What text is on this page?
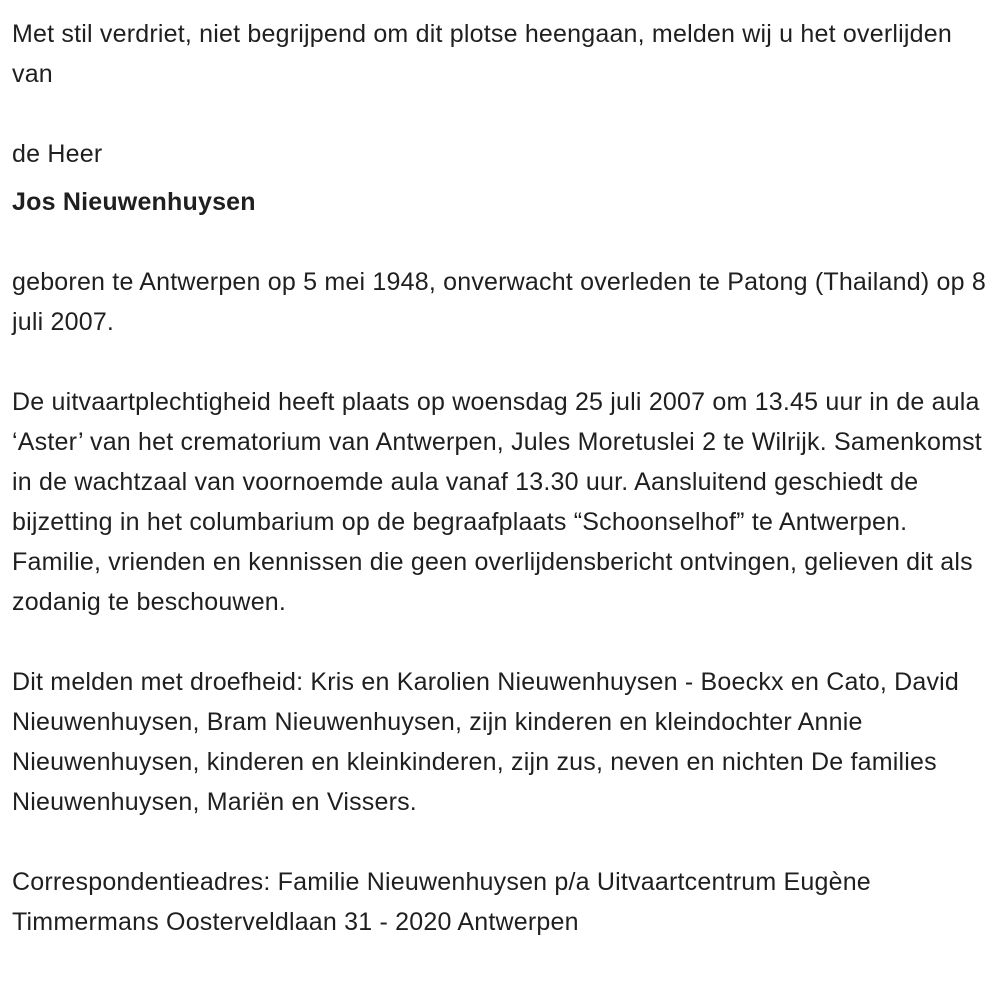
Met stil verdriet, niet begrijpend om dit plotse heengaan, melden wij u het overlijden van

de Heer

Jos Nieuwenhuysen

geboren te Antwerpen op 5 mei 1948, onverwacht overleden te Patong (Thailand) op 8 juli 2007.

De uitvaartplechtigheid heeft plaats op woensdag 25 juli 2007 om 13.45 uur in de aula ‘Aster’ van het crematorium van Antwerpen, Jules Moretuslei 2 te Wilrijk. Samenkomst in de wachtzaal van voornoemde aula vanaf 13.30 uur. Aansluitend geschiedt de bijzetting in het columbarium op de begraafplaats “Schoonselhof” te Antwerpen. Familie, vrienden en kennissen die geen overlijdensbericht ontvingen, gelieven dit als zodanig te beschouwen.

Dit melden met droefheid: Kris en Karolien Nieuwenhuysen - Boeckx en Cato, David Nieuwenhuysen, Bram Nieuwenhuysen, zijn kinderen en kleindochter Annie Nieuwenhuysen, kinderen en kleinkinderen, zijn zus, neven en nichten De families Nieuwenhuysen, Mariën en Vissers.

Correspondentieadres: Familie Nieuwenhuysen p/a Uitvaartcentrum Eugène Timmermans Oosterveldlaan 31 - 2020 Antwerpen
